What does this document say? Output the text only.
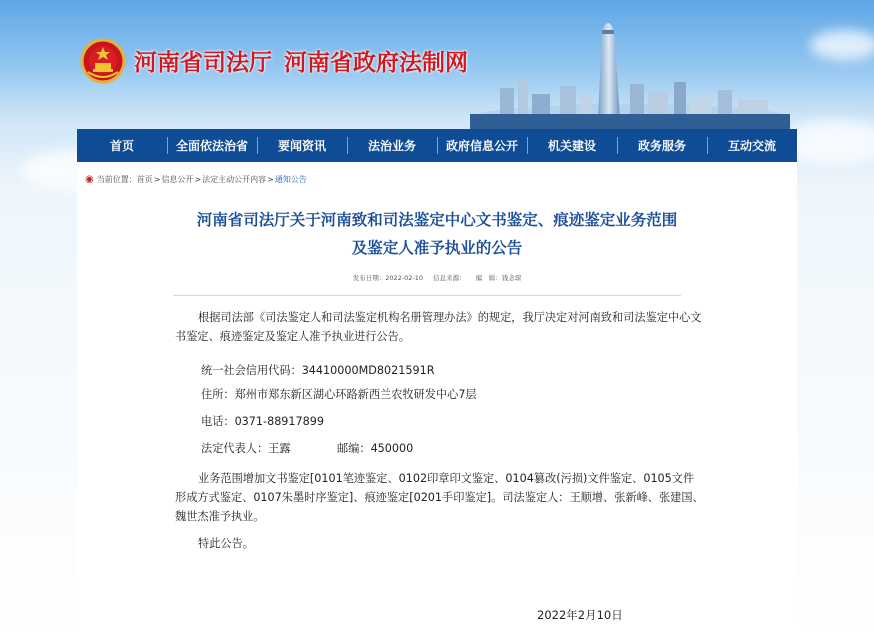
河南省司法厅 河南省政府法制网
首页	全面依法治省	要闻资讯	法治业务	政府信息公开	机关建设	政务服务	互动交流
◉ 当前位置： 首页 > 信息公开 > 法定主动公开内容 > 通知公告
河南省司法厅关于河南致和司法鉴定中心文书鉴定、痕迹鉴定业务范围
及鉴定人准予执业的公告
发布日期：2022-02-10 信息来源： 编　辑：钱念琛

根据司法部《司法鉴定人和司法鉴定机构名册管理办法》的规定，我厅决定对河南致和司法鉴定中心文书鉴定、痕迹鉴定及鉴定人准予执业进行公告。

统一社会信用代码：34410000MD8021591R
住所：郑州市郑东新区湖心环路新西兰农牧研发中心7层
电话：0371-88917899
法定代表人：王露	邮编：450000

业务范围增加文书鉴定[0101笔迹鉴定、0102印章印文鉴定、0104篡改(污损)文件鉴定、0105文件形成方式鉴定、0107朱墨时序鉴定]、痕迹鉴定[0201手印鉴定]。司法鉴定人：王顺增、张新峰、张建国、魏世杰准予执业。

特此公告。

2022年2月10日
